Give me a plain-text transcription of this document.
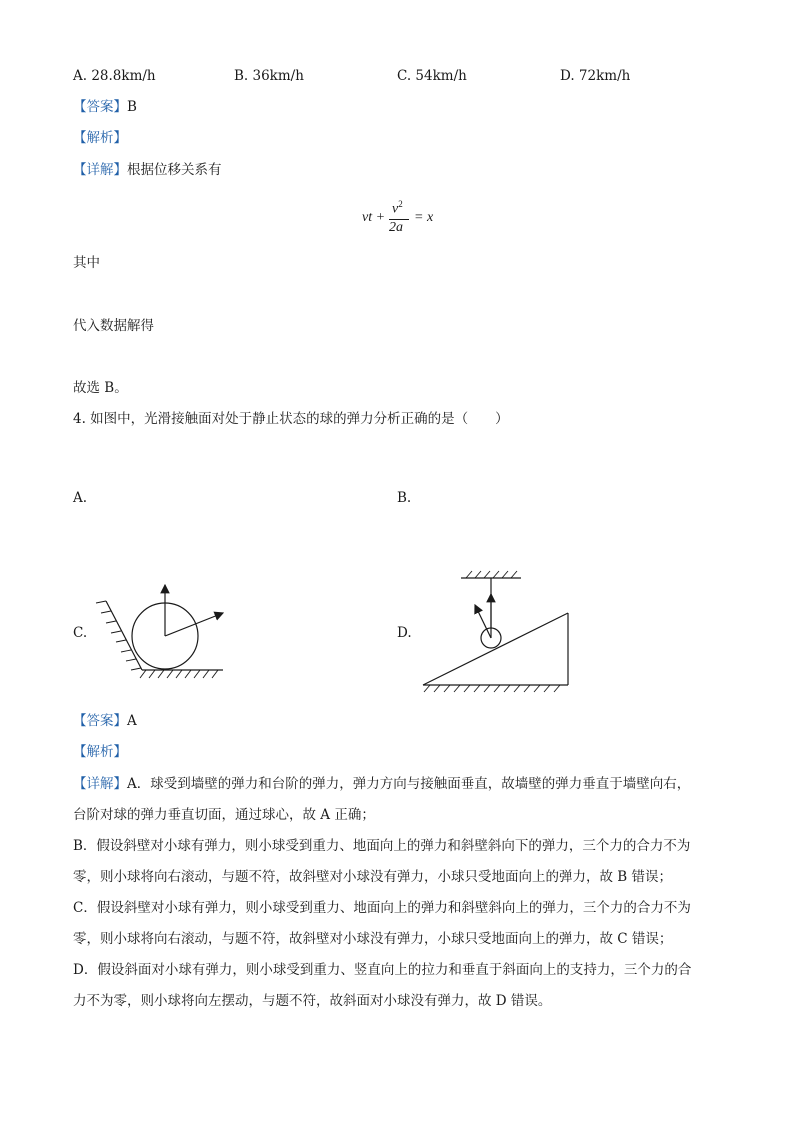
A. 28.8km/h	B. 36km/h	C. 54km/h	D. 72km/h
【答案】B
【解析】
【详解】根据位移关系有
vt +
$v^2$
2a
= x
其中
代入数据解得
故选 B。
4. 如图中，光滑接触面对处于静止状态的球的弹力分析正确的是（　　）
A.	B.
C.	D.
【答案】A
【解析】
【详解】A．球受到墙壁的弹力和台阶的弹力，弹力方向与接触面垂直，故墙壁的弹力垂直于墙壁向右，
台阶对球的弹力垂直切面，通过球心，故 A 正确；
B．假设斜壁对小球有弹力，则小球受到重力、地面向上的弹力和斜壁斜向下的弹力，三个力的合力不为
零，则小球将向右滚动，与题不符，故斜壁对小球没有弹力，小球只受地面向上的弹力，故 B 错误；
C．假设斜壁对小球有弹力，则小球受到重力、地面向上的弹力和斜壁斜向上的弹力，三个力的合力不为
零，则小球将向右滚动，与题不符，故斜壁对小球没有弹力，小球只受地面向上的弹力，故 C 错误；
D．假设斜面对小球有弹力，则小球受到重力、竖直向上的拉力和垂直于斜面向上的支持力，三个力的合
力不为零，则小球将向左摆动，与题不符，故斜面对小球没有弹力，故 D 错误。
